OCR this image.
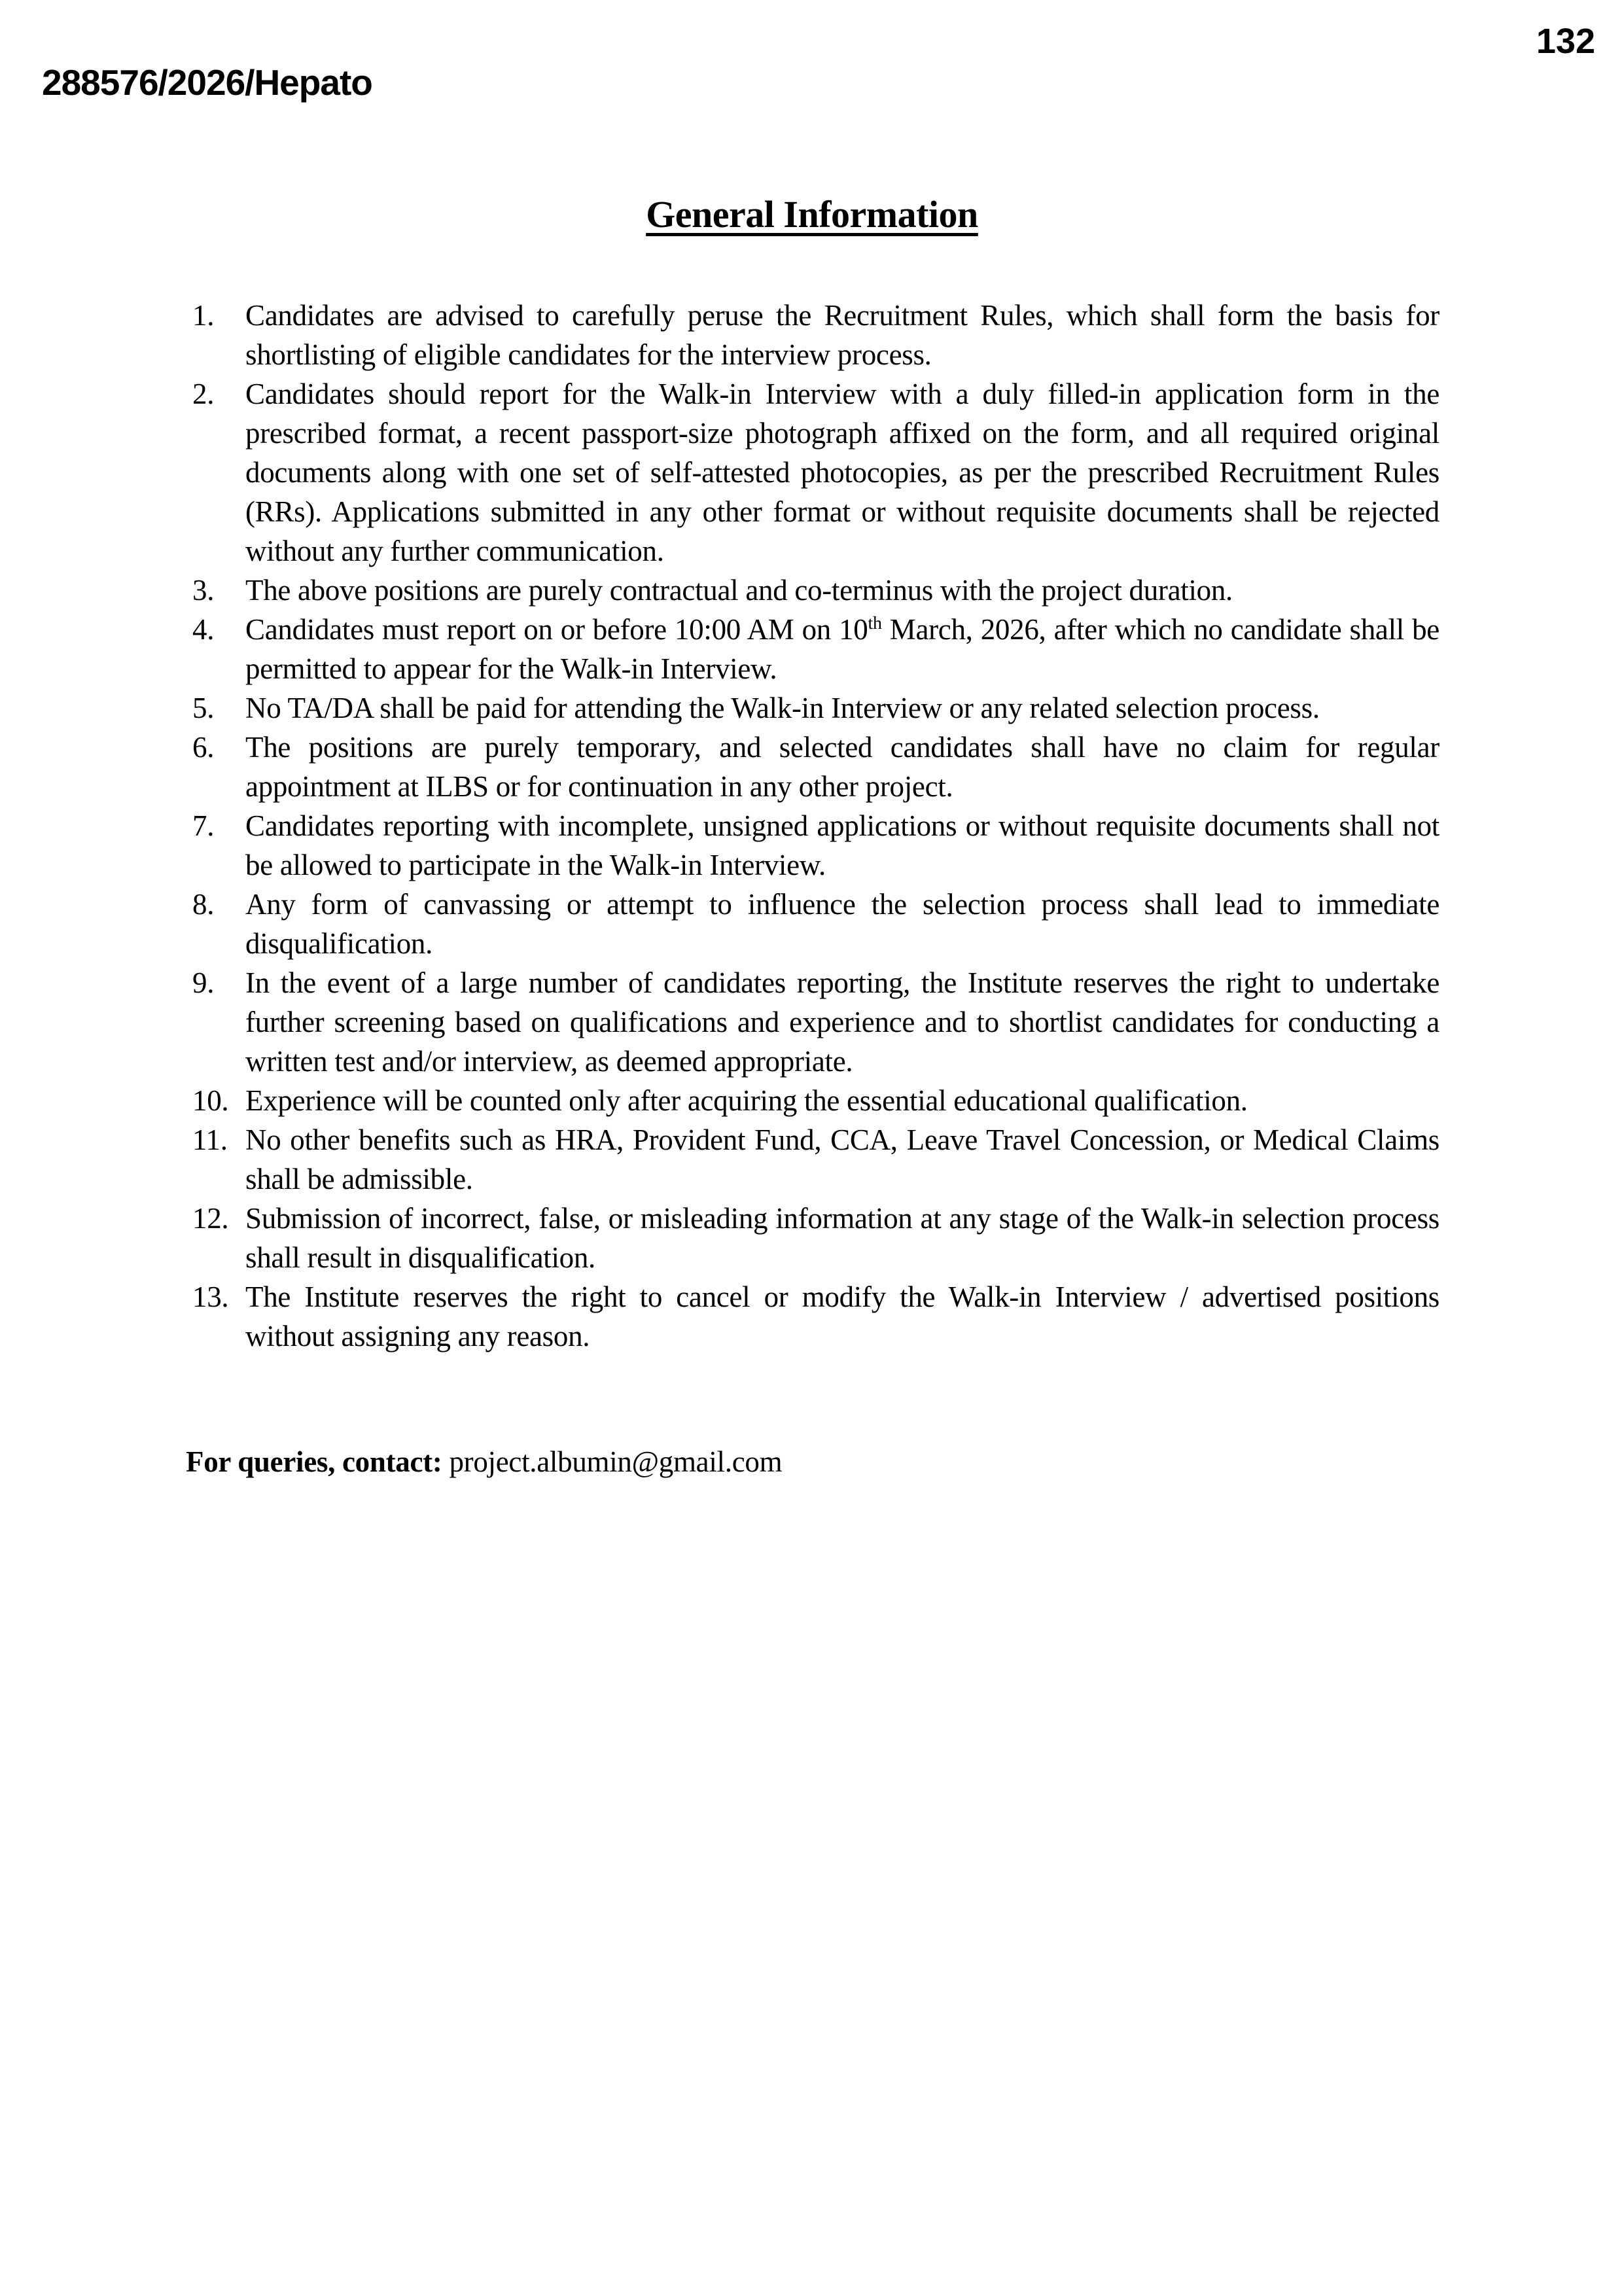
288576/2026/Hepato
132
General Information
1.	Candidates are advised to carefully peruse the Recruitment Rules, which shall form the basis for shortlisting of eligible candidates for the interview process.
2.	Candidates should report for the Walk-in Interview with a duly filled-in application form in the prescribed format, a recent passport-size photograph affixed on the form, and all required original documents along with one set of self-attested photocopies, as per the prescribed Recruitment Rules (RRs). Applications submitted in any other format or without requisite documents shall be rejected without any further communication.
3.	The above positions are purely contractual and co-terminus with the project duration.
4.	Candidates must report on or before 10:00 AM on 10th March, 2026, after which no candidate shall be permitted to appear for the Walk-in Interview.
5.	No TA/DA shall be paid for attending the Walk-in Interview or any related selection process.
6.	The positions are purely temporary, and selected candidates shall have no claim for regular appointment at ILBS or for continuation in any other project.
7.	Candidates reporting with incomplete, unsigned applications or without requisite documents shall not be allowed to participate in the Walk-in Interview.
8.	Any form of canvassing or attempt to influence the selection process shall lead to immediate disqualification.
9.	In the event of a large number of candidates reporting, the Institute reserves the right to undertake further screening based on qualifications and experience and to shortlist candidates for conducting a written test and/or interview, as deemed appropriate.
10. Experience will be counted only after acquiring the essential educational qualification.
11. No other benefits such as HRA, Provident Fund, CCA, Leave Travel Concession, or Medical Claims shall be admissible.
12. Submission of incorrect, false, or misleading information at any stage of the Walk-in selection process shall result in disqualification.
13. The Institute reserves the right to cancel or modify the Walk-in Interview / advertised positions without assigning any reason.
For queries, contact: project.albumin@gmail.com
